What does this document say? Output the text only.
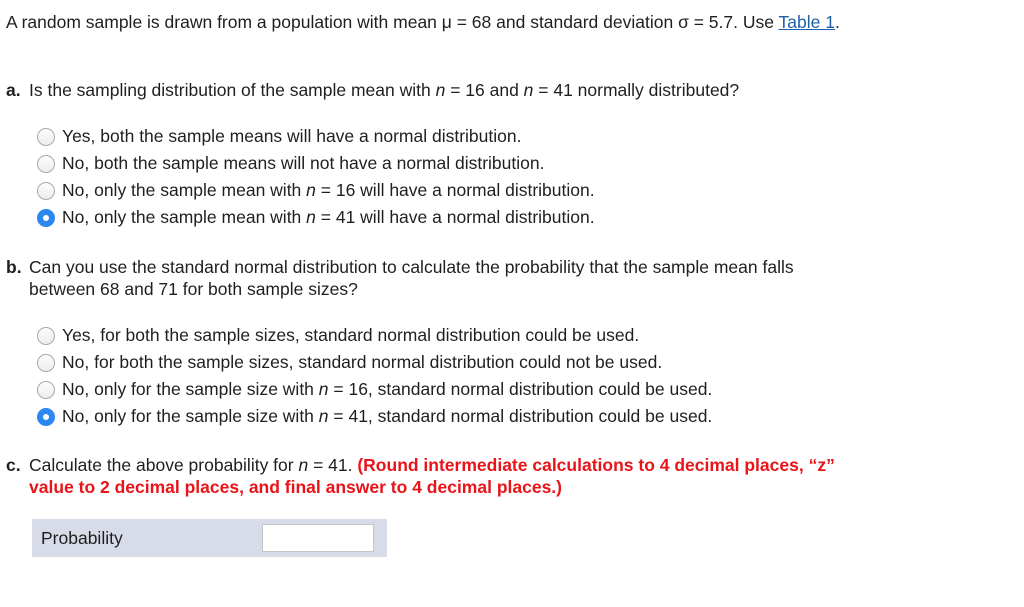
A random sample is drawn from a population with mean μ = 68 and standard deviation σ = 5.7. Use Table 1.
a. Is the sampling distribution of the sample mean with n = 16 and n = 41 normally distributed?
Yes, both the sample means will have a normal distribution.
No, both the sample means will not have a normal distribution.
No, only the sample mean with n = 16 will have a normal distribution.
No, only the sample mean with n = 41 will have a normal distribution.
b. Can you use the standard normal distribution to calculate the probability that the sample mean falls
between 68 and 71 for both sample sizes?
Yes, for both the sample sizes, standard normal distribution could be used.
No, for both the sample sizes, standard normal distribution could not be used.
No, only for the sample size with n = 16, standard normal distribution could be used.
No, only for the sample size with n = 41, standard normal distribution could be used.
c. Calculate the above probability for n = 41. (Round intermediate calculations to 4 decimal places, “z”
value to 2 decimal places, and final answer to 4 decimal places.)
Probability
